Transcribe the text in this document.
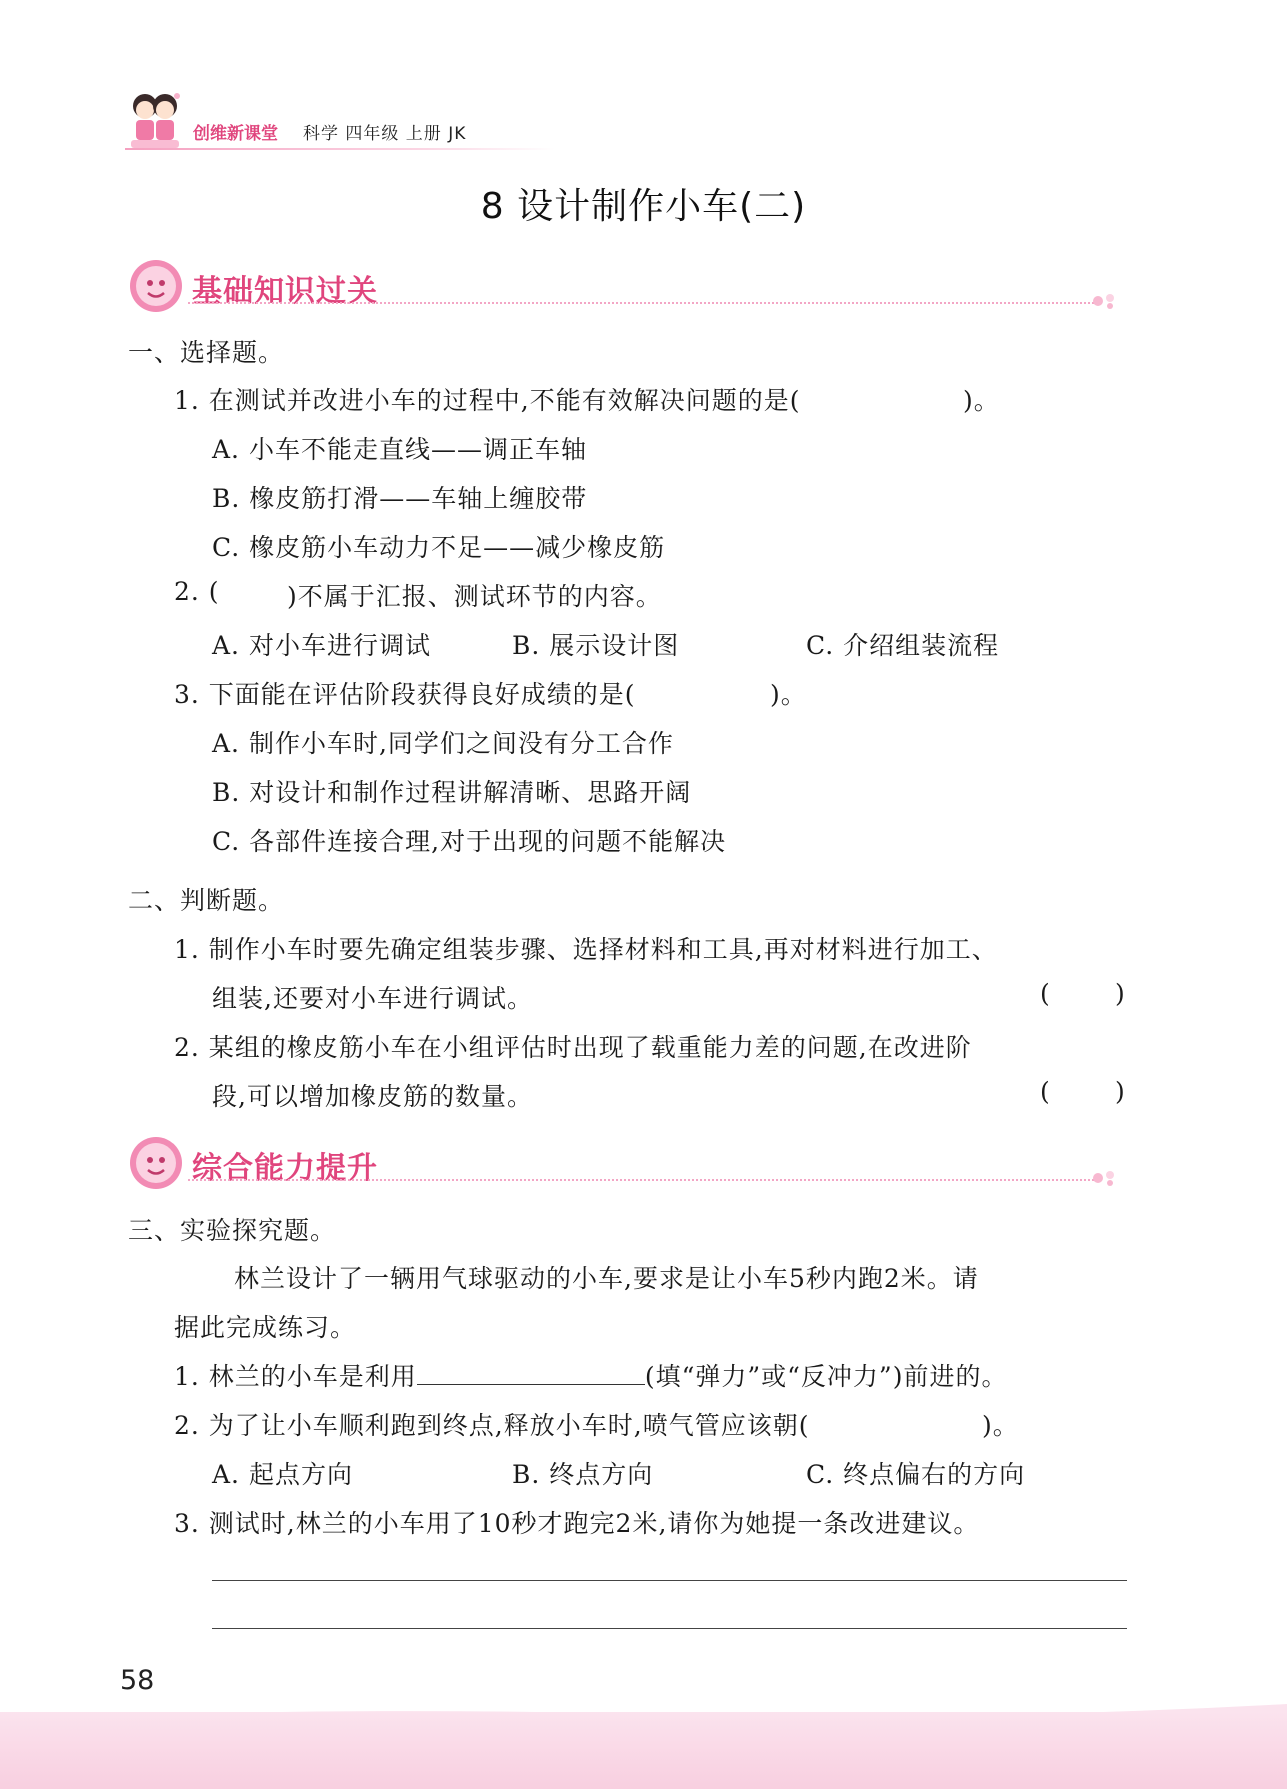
创维新课堂 科学 四年级 上册 JK
8 设计制作小车(二)
基础知识过关
一、选择题。
1. 在测试并改进小车的过程中,不能有效解决问题的是(	)。
A. 小车不能走直线——调正车轴
B. 橡皮筋打滑——车轴上缠胶带
C. 橡皮筋小车动力不足——减少橡皮筋
2. (	)不属于汇报、测试环节的内容。
A. 对小车进行调试	B. 展示设计图	C. 介绍组装流程
3. 下面能在评估阶段获得良好成绩的是(	)。
A. 制作小车时,同学们之间没有分工合作
B. 对设计和制作过程讲解清晰、思路开阔
C. 各部件连接合理,对于出现的问题不能解决
二、判断题。
1. 制作小车时要先确定组装步骤、选择材料和工具,再对材料进行加工、
组装,还要对小车进行调试。	(	)
2. 某组的橡皮筋小车在小组评估时出现了载重能力差的问题,在改进阶
段,可以增加橡皮筋的数量。	(	)
综合能力提升
三、实验探究题。
林兰设计了一辆用气球驱动的小车,要求是让小车5秒内跑2米。请
据此完成练习。
1. 林兰的小车是利用	(填“弹力”或“反冲力”)前进的。
2. 为了让小车顺利跑到终点,释放小车时,喷气管应该朝(	)。
A. 起点方向	B. 终点方向	C. 终点偏右的方向
3. 测试时,林兰的小车用了10秒才跑完2米,请你为她提一条改进建议。
58
